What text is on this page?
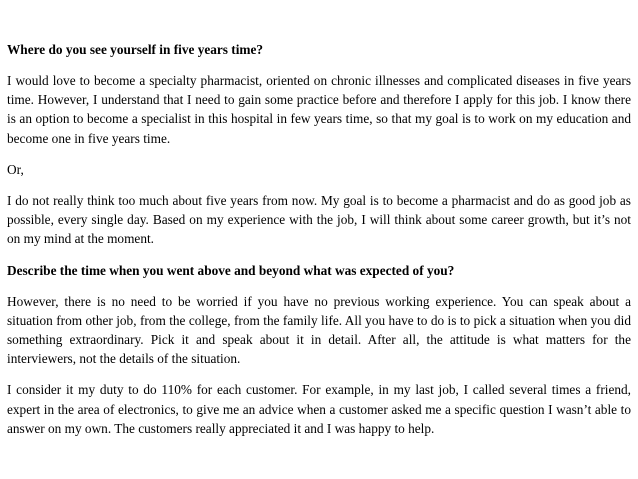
Where do you see yourself in five years time?

I would love to become a specialty pharmacist, oriented on chronic illnesses and complicated diseases in five years time. However, I understand that I need to gain some practice before and therefore I apply for this job. I know there is an option to become a specialist in this hospital in few years time, so that my goal is to work on my education and become one in five years time.

Or,

I do not really think too much about five years from now. My goal is to become a pharmacist and do as good job as possible, every single day. Based on my experience with the job, I will think about some career growth, but it’s not on my mind at the moment.

Describe the time when you went above and beyond what was expected of you?

However, there is no need to be worried if you have no previous working experience. You can speak about a situation from other job, from the college, from the family life. All you have to do is to pick a situation when you did something extraordinary. Pick it and speak about it in detail. After all, the attitude is what matters for the interviewers, not the details of the situation.

I consider it my duty to do 110% for each customer. For example, in my last job, I called several times a friend, expert in the area of electronics, to give me an advice when a customer asked me a specific question I wasn’t able to answer on my own. The customers really appreciated it and I was happy to help.
